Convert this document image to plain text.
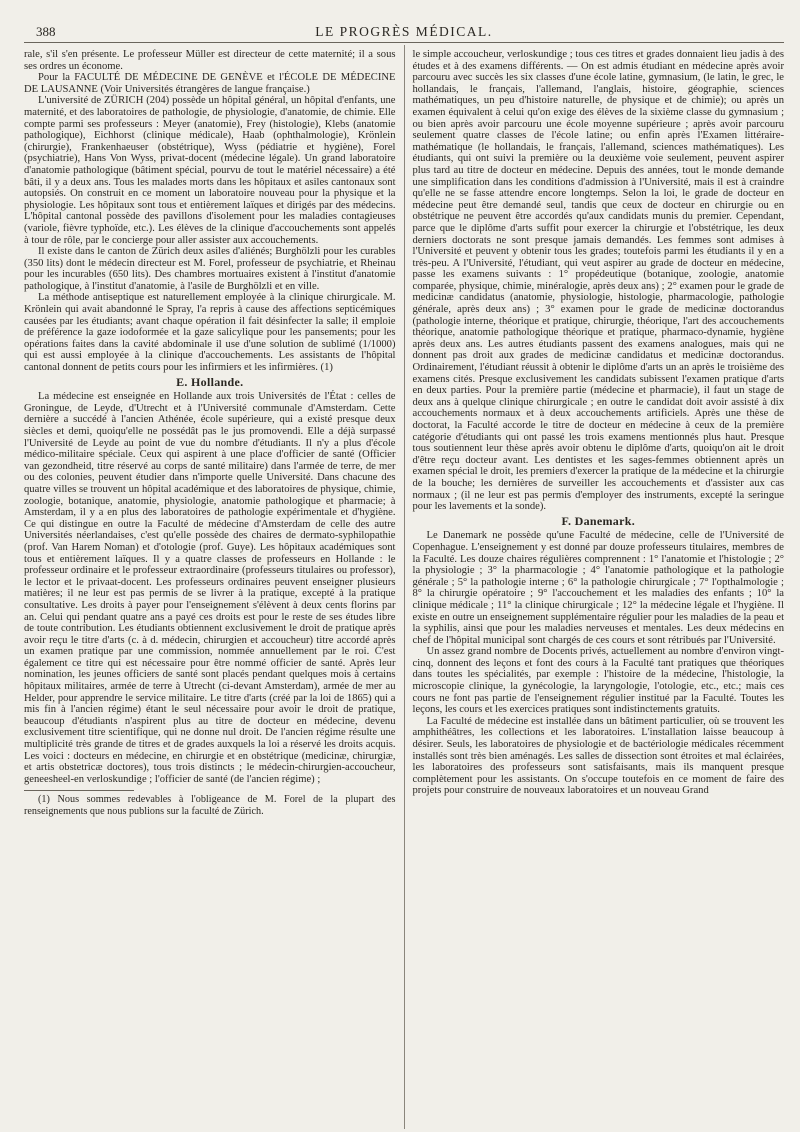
388	LE PROGRÈS MÉDICAL.

rale, s'il s'en présente. Le professeur Müller est directeur de cette maternité; il a sous ses ordres un économe.

Pour la FACULTÉ DE MÉDECINE DE GENÈVE et l'ÉCOLE DE MÉDECINE DE LAUSANNE (Voir Universités étrangères de langue française.)

L'université de ZÜRICH (204) possède un hôpital général, un hôpital d'enfants, une maternité, et des laboratoires de pathologie, de physiologie, d'anatomie, de chimie. Elle compte parmi ses professeurs : Meyer (anatomie), Frey (histologie), Klebs (anatomie pathologique), Eichhorst (clinique médicale), Haab (ophthalmologie), Krönlein (chirurgie), Frankenhaeuser (obstétrique), Wyss (pédiatrie et hygiène), Forel (psychiatrie), Hans Von Wyss, privat-docent (médecine légale). Un grand laboratoire d'anatomie pathologique (bâtiment spécial, pourvu de tout le matériel nécessaire) a été bâti, il y a deux ans. Tous les malades morts dans les hôpitaux et asiles cantonaux sont autopsiés. On construit en ce moment un laboratoire nouveau pour la physique et la physiologie. Les hôpitaux sont tous et entièrement laïques et dirigés par des médecins. L'hôpital cantonal possède des pavillons d'isolement pour les maladies contagieuses (variole, fièvre typhoïde, etc.). Les élèves de la clinique d'accouchements sont appelés à tour de rôle, par le concierge pour aller assister aux accouchements.

Il existe dans le canton de Zürich deux asiles d'aliénés; Burghölzli pour les curables (350 lits) dont le médecin directeur est M. Forel, professeur de psychiatrie, et Rheinau pour les incurables (650 lits). Des chambres mortuaires existent à l'institut d'anatomie pathologique, à l'institut d'anatomie, à l'asile de Burghölzli et en ville.

La méthode antiseptique est naturellement employée à la clinique chirurgicale. M. Krönlein qui avait abandonné le Spray, l'a repris à cause des affections septicémiques causées par les étudiants; avant chaque opération il fait désinfecter la salle; il emploie de préférence la gaze iodoformée et la gaze salicylique pour les pansements; pour les opérations faites dans la cavité abdominale il use d'une solution de sublimé (1/1000) qui est aussi employée à la clinique d'accouchements. Les assistants de l'hôpital cantonal donnent de petits cours pour les infirmiers et les infirmières. (1)

E. Hollande.

La médecine est enseignée en Hollande aux trois Universités de l'État : celles de Groningue, de Leyde, d'Utrecht et à l'Université communale d'Amsterdam. Cette dernière a succédé à l'ancien Athénée, école supérieure, qui a existé presque deux siècles et demi, quoiqu'elle ne possédât pas le jus promovendi. Elle a déjà surpassé l'Université de Leyde au point de vue du nombre d'étudiants. Il n'y a plus d'école médico-militaire spéciale. Ceux qui aspirent à une place d'officier de santé (Officier van gezondheid, titre réservé au corps de santé militaire) dans l'armée de terre, de mer ou des colonies, peuvent étudier dans n'importe quelle Université. Dans chacune des quatre villes se trouvent un hôpital académique et des laboratoires de physique, chimie, zoologie, botanique, anatomie, physiologie, anatomie pathologique et pharmacie; à Amsterdam, il y a en plus des laboratoires de pathologie expérimentale et d'hygiène. Ce qui distingue en outre la Faculté de médecine d'Amsterdam de celle des autre Universités néerlandaises, c'est qu'elle possède des chaires de dermato-syphilopathie (prof. Van Harem Noman) et d'otologie (prof. Guye). Les hôpitaux académiques sont tous et entièrement laïques. Il y a quatre classes de professeurs en Hollande : le professeur ordinaire et le professeur extraordinaire (professeurs titulaires ou professor), le lector et le privaat-docent. Les professeurs ordinaires peuvent enseigner plusieurs matières; il ne leur est pas permis de se livrer à la pratique, excepté à la pratique consultative. Les droits à payer pour l'enseignement s'élèvent à deux cents florins par an. Celui qui pendant quatre ans a payé ces droits est pour le reste de ses études libre de toute contribution. Les étudiants obtiennent exclusivement le droit de pratique après avoir reçu le titre d'arts (c. à d. médecin, chirurgien et accoucheur) titre accordé après un examen pratique par une commission, nommée annuellement par le roi. C'est également ce titre qui est nécessaire pour être nommé officier de santé. Après leur nomination, les jeunes officiers de santé sont placés pendant quelques mois à certains hôpitaux militaires, armée de terre à Utrecht (ci-devant Amsterdam), armée de mer au Helder, pour apprendre le service militaire. Le titre d'arts (créé par la loi de 1865) qui a mis fin à l'ancien régime) étant le seul nécessaire pour avoir le droit de pratique, beaucoup d'étudiants n'aspirent plus au titre de docteur en médecine, devenu exclusivement titre scientifique, qui ne donne nul droit. De l'ancien régime résulte une multiplicité très grande de titres et de grades auxquels la loi a réservé les droits acquis. Les voici : docteurs en médecine, en chirurgie et en obstétrique (medicinæ, chirurgiæ, et artis obstetricæ doctores), tous trois distincts ; le médecin-chirurgien-accoucheur, geneesheel-en verloskundige ; l'officier de santé (de l'ancien régime) ;

(1) Nous sommes redevables à l'obligeance de M. Forel de la plupart des renseignements que nous publions sur la faculté de Zürich.

le simple accoucheur, verloskundige ; tous ces titres et grades donnaient lieu jadis à des études et à des examens différents. — On est admis étudiant en médecine après avoir parcouru avec succès les six classes d'une école latine, gymnasium, (le latin, le grec, le hollandais, le français, l'allemand, l'anglais, histoire, géographie, sciences mathématiques, un peu d'histoire naturelle, de physique et de chimie); ou après un examen équivalent à celui qu'on exige des élèves de la sixième classe du gymnasium ; ou bien après avoir parcouru une école moyenne supérieure ; après avoir parcouru seulement quatre classes de l'école latine; ou enfin après l'Examen littéraire-mathématique (le hollandais, le français, l'allemand, sciences mathématiques). Les étudiants, qui ont suivi la première ou la deuxième voie seulement, peuvent aspirer plus tard au titre de docteur en médecine. Depuis des années, tout le monde demande une simplification dans les conditions d'admission à l'Université, mais il est à craindre qu'elle ne se fasse attendre encore longtemps. Selon la loi, le grade de docteur en médecine peut être demandé seul, tandis que ceux de docteur en chirurgie ou en obstétrique ne peuvent être accordés qu'aux candidats munis du premier. Cependant, parce que le diplôme d'arts suffit pour exercer la chirurgie et l'obstétrique, les deux derniers doctorats ne sont presque jamais demandés. Les femmes sont admises à l'Université et peuvent y obtenir tous les grades; toutefois parmi les étudiants il y en a très-peu. A l'Université, l'étudiant, qui veut aspirer au grade de docteur en médecine, passe les examens suivants : 1° propédeutique (botanique, zoologie, anatomie comparée, physique, chimie, minéralogie, après deux ans) ; 2° examen pour le grade de medicinæ candidatus (anatomie, physiologie, histologie, pharmacologie, pathologie générale, après deux ans) ; 3° examen pour le grade de medicinæ doctorandus (pathologie interne, théorique et pratique, chirurgie, théorique, l'art des accouchements théorique, anatomie pathologique théorique et pratique, pharmaco-dynamie, hygiène après deux ans. Les autres étudiants passent des examens analogues, mais qui ne donnent pas droit aux grades de medicinæ candidatus et medicinæ doctorandus. Ordinairement, l'étudiant réussit à obtenir le diplôme d'arts un an après le troisième des examens cités. Presque exclusivement les candidats subissent l'examen pratique d'arts en deux parties. Pour la première partie (médecine et pharmacie), il faut un stage de deux ans à quelque clinique chirurgicale ; en outre le candidat doit avoir assisté à dix accouchements normaux et à deux accouchements artificiels. Après une thèse de doctorat, la Faculté accorde le titre de docteur en médecine à ceux de la première catégorie d'étudiants qui ont passé les trois examens mentionnés plus haut. Presque tous soutiennent leur thèse après avoir obtenu le diplôme d'arts, quoiqu'on ait le droit d'être reçu docteur avant. Les dentistes et les sages-femmes obtiennent après un examen spécial le droit, les premiers d'exercer la pratique de la médecine et la chirurgie de la bouche; les dernières de surveiller les accouchements et d'assister aux cas normaux ; (il ne leur est pas permis d'employer des instruments, excepté la seringue pour les lavements et la sonde).

F. Danemark.

Le Danemark ne possède qu'une Faculté de médecine, celle de l'Université de Copenhague. L'enseignement y est donné par douze professeurs titulaires, membres de la Faculté. Les douze chaires régulières comprennent : 1° l'anatomie et l'histologie ; 2° la physiologie ; 3° la pharmacologie ; 4° l'anatomie pathologique et la pathologie générale ; 5° la pathologie interne ; 6° la pathologie chirurgicale ; 7° l'opthalmologie ; 8° la chirurgie opératoire ; 9° l'accouchement et les maladies des enfants ; 10° la clinique médicale ; 11° la clinique chirurgicale ; 12° la médecine légale et l'hygiène. Il existe en outre un enseignement supplémentaire régulier pour les maladies de la peau et la syphilis, ainsi que pour les maladies nerveuses et mentales. Les deux médecins en chef de l'hôpital municipal sont chargés de ces cours et sont rétribués par l'Université.

Un assez grand nombre de Docents privés, actuellement au nombre d'environ vingt-cinq, donnent des leçons et font des cours à la Faculté tant pratiques que théoriques dans toutes les spécialités, par exemple : l'histoire de la médecine, l'histologie, la microscopie clinique, la gynécologie, la laryngologie, l'otologie, etc., etc.; mais ces cours ne font pas partie de l'enseignement régulier institué par la Faculté. Toutes les leçons, les cours et les exercices pratiques sont indistinctements gratuits.

La Faculté de médecine est installée dans un bâtiment particulier, où se trouvent les amphithéâtres, les collections et les laboratoires. L'installation laisse beaucoup à désirer. Seuls, les laboratoires de physiologie et de bactériologie médicales récemment installés sont très bien aménagés. Les salles de dissection sont étroites et mal éclairées, les laboratoires des professeurs sont satisfaisants, mais ils manquent presque complètement pour les assistants. On s'occupe toutefois en ce moment de faire des projets pour construire de nouveaux laboratoires et un nouveau Grand
